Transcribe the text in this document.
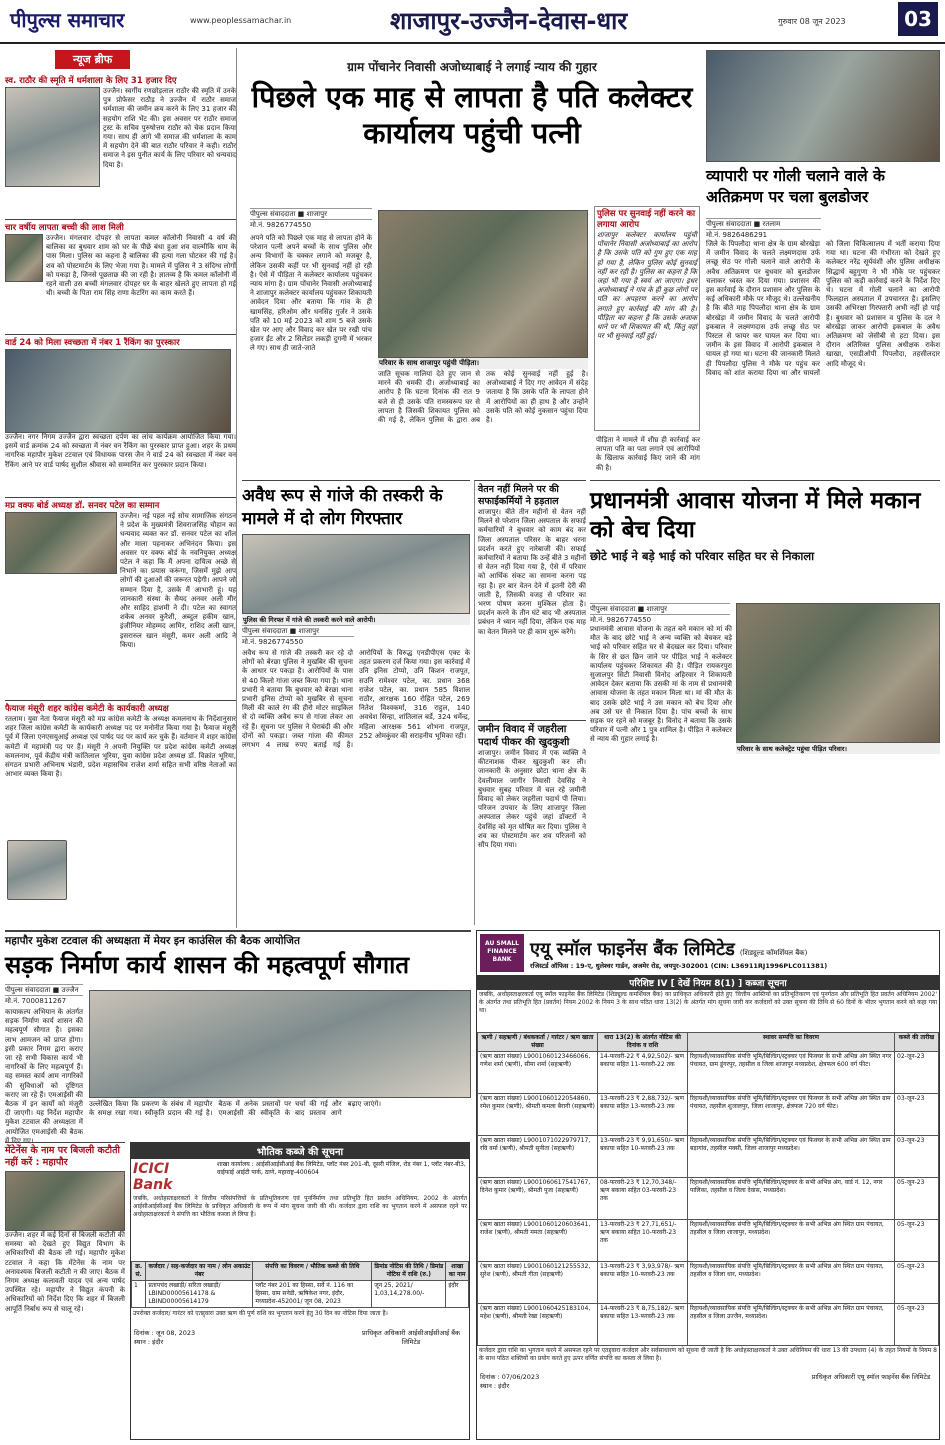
पीपुल्स समाचार	www.peoplessamachar.in	शाजापुर-उज्जैन-देवास-धार	गुरुवार 08 जून 2023	03
न्यूज ब्रीफ
स्व. राठौर की स्मृति में धर्मशाला के लिए 31 हजार दिए
उज्जैन। स्वर्गीय रणछोड़लाल राठौर की स्मृति में उनके पुत्र प्रोफेसर राठौड़ ने उज्जैन में राठौर समाज धर्मशाला की जमीन क्रय करने के लिए 31 हजार की सहयोग राशि भेंट की। इस अवसर पर राठौर समाज ट्रस्ट के सचिव पुरुषोत्तम राठौर को चेक प्रदान किया गया। साथ ही आगे भी समाज की धर्मशाला के काम में सहयोग देने की बात राठौर परिवार ने कही। राठौर समाज ने इस पुनीत कार्य के लिए परिवार को धन्यवाद दिया है।
चार वर्षीय लापता बच्ची की लाश मिली
उज्जैन। मंगलवार दोपहर से लापता कमल कॉलोनी निवासी 4 वर्ष की बालिका का बुधवार शाम को घर के पीछे बंधा हुआ शव वाल्मीकि धाम के पास मिला। पुलिस का कहना है बालिका की हत्या गला घोटकर की गई है। शव को पोस्टमार्टम के लिए भेजा गया है। मामले में पुलिस ने 3 संदिग्ध लोगों को पकड़ा है, जिनसे पूछताछ की जा रही है। ज्ञातव्य है कि कमल कॉलोनी में रहने वाली उस बच्ची मंगलवार दोपहर घर के बाहर खेलते हुए लापता हो गई थी। बच्ची के पिता राम सिंह राणा केटरिंग का काम करते हैं।
वार्ड 24 को मिला स्वच्छता में नंबर 1 रैंकिंग का पुरस्कार
उज्जैन। नगर निगम उज्जैन द्वारा स्वच्छता दर्पण का लांच कार्यक्रम आयोजित किया गया। इसमें वार्ड क्रमांक 24 को स्वच्छता में नंबर वन रैंकिंग का पुरस्कार प्राप्त हुआ। शहर के प्रथम नागरिक महापौर मुकेश टटवाल एवं विधायक पारस जैन ने वार्ड 24 को स्वच्छता में नंबर वन रैंकिंग आने पर वार्ड पार्षद सुशील श्रीवास को सम्मानित कर पुरस्कार प्रदान किया।
मप्र वक्फ बोर्ड अध्यक्ष डॉ. सनवर पटेल का सम्मान
उज्जैन। नई पहल नई सोच सामाजिक संगठन ने प्रदेश के मुख्यमंत्री शिवराजसिंह चौहान का धन्यवाद व्यक्त कर डॉ. सनवर पटेल का शॉल और माला पहनाकर अभिनंदन किया। इस अवसर पर वक्फ बोर्ड के नवनियुक्त अध्यक्ष पटेल ने कहा कि मैं अपना दायित्व अच्छे से निभाने का प्रयास करूंगा, जिसमें मुझे आप लोगों की दुआओं की जरूरत पड़ेगी। आपने जो सम्मान दिया है, उसके मैं आभारी हूं। यह जानकारी संस्था के सैयद अनवर अली मीर और साहिद हाशमी ने दी। पटेल का स्वागत शकेब अनवर कुरैशी, अब्दुल हकीम खान, इंजीनियर मोहम्मद आमिर, राशिद अली खान, इसरारुल खान मंसूरी, कमर अली आदि ने किया।
फैयाज मंसूरी शहर कांग्रेस कमेटी के कार्यकारी अध्यक्ष
रतलाम। युवा नेता फैयाज मंसूरी को मप्र कांग्रेस कमेटी के अध्यक्ष कमलनाथ के निर्देशानुसार शहर जिला कांग्रेस कमेटी के कार्यकारी अध्यक्ष पद पर मनोनीत किया गया है। फैयाज मंसूरी पूर्व में जिला एनएसयूआई अध्यक्ष एवं पार्षद पद पर कार्य कर चुके हैं। वर्तमान में शहर कांग्रेस कमेटी में महामंत्री पद पर हैं। मंसूरी ने अपनी नियुक्ति पर प्रदेश कांग्रेस कमेटी अध्यक्ष कमलनाथ, पूर्व केंद्रीय मंत्री कांतिलाल भूरिया, युवा कांग्रेस प्रदेश अध्यक्ष डॉ. विक्रांत भूरिया, संगठन प्रभारी अभिनाष भंडारी, प्रदेश महासचिव राजेश शर्मा सहित सभी वरिष्ठ नेताओं का आभार व्यक्त किया है।
ग्राम पोंचानेर निवासी अजोध्याबाई ने लगाई न्याय की गुहार
पिछले एक माह से लापता है पति कलेक्टर कार्यालय पहुंची पत्नी
पीपुल्स संवाददाता ■ शाजापुर
मो.नं. 9826774550
अपने पति को पिछले एक माह से लापता होने के परेशान पत्नी अपने बच्चों के साथ पुलिस और अन्य विभागों के चक्कर लगाने को मजबूर है, लेकिन उसकी कहीं पर भी सुनवाई नहीं हो रही है। ऐसे में पीड़िता ने कलेक्टर कार्यालय पहुंचकर न्याय मांगा है। ग्राम पोंचानेर निवासी अजोध्याबाई ने शाजापुर कलेक्टर कार्यालय पहुंचकर शिकायती आवेदन दिया और बताया कि गांव के ही खामसिंह, हरिओम और धनसिंह गुर्जर ने उसके पति को 10 मई 2023 को शाम 5 बजे उसके खेत पर आए और विवाद कर खेत पर रखी पांच हजार ईंट और 2 सिलेंडर लकड़ी दुगनी में भरकर ले गए। साथ ही जाते-जाते
परिवार के साथ शाजापुर पहुंची पीड़िता।
जाति सूचक गालियां देते हुए जान से मारने की धमकी दी। अजोध्याबाई का आरोप है कि घटना दिनांक की रात 9 बजे से ही उसके पति रामस्वरूप घर से लापता है जिसकी शिकायत पुलिस को की गई है, लेकिन पुलिस के द्वारा अब तक कोई सुनवाई नहीं हुई है। अजोध्याबाई ने दिए गए आवेदन में संदेह जताया है कि उसके पति के लापता होने में आरोपियों का ही हाथ है और उन्होंने उसके पति को कोई नुकसान पहुंचा दिया है।
पुलिस पर सुनवाई नहीं करने का लगाया आरोप
शाजापुर कलेक्टर कार्यालय पहुंची पोंचानेर निवासी अजोध्याबाई का आरोप है कि उसके पति को गुम हुए एक माह हो गया है, लेकिन पुलिस कोई सुनवाई नहीं कर रही है। पुलिस का कहना है कि जहां भी गया है स्वयं आ जाएगा। इधर अजोध्याबाई ने गांव के ही कुछ लोगों पर पति का अपहरण करने का आरोप लगाते हुए कार्रवाई की मांग की है। पीड़िता का कहना है कि उसके अजाक थाने पर भी शिकायत की थी, किंतु वहां पर भी सुनवाई नहीं हुई।
पीड़िता ने मामले में शीघ्र ही कार्रवाई कर लापता पति का पता लगाने एवं आरोपियों के खिलाफ कार्रवाई किए जाने की मांग की है।
व्यापारी पर गोली चलाने वाले के अतिक्रमण पर चला बुलडोजर
पीपुल्स संवाददाता ■ रतलाम
मो.नं. 9826486291
जिले के पिपलौदा थाना क्षेत्र के ग्राम बोरखेड़ा में जमीन विवाद के चलते लक्ष्मणदास उर्फ लच्छू सेठ पर गोली चलाने वाले आरोपी के अवैध अतिक्रमण पर बुधवार को बुलडोजर चलाकर ध्वस्त कर दिया गया। प्रशासन की इस कार्रवाई के दौरान प्रशासन और पुलिस के कई अधिकारी मौके पर मौजूद थे। उल्लेखनीय है कि बीते माह पिपलौदा थाना क्षेत्र के ग्राम बोरखेड़ा में जमीन विवाद के चलते आरोपी इकबाल ने लक्ष्मणदास उर्फ लच्छू सेठ पर पिस्टल से फायर कर घायल कर दिया था। जमीन के इस विवाद में आरोपी इकबाल ने घायल हो गया था। घटना की जानकारी मिलते ही पिपलौदा पुलिस ने मौके पर पहुंच कर विवाद को शांत कराया दिया था और घायलों को जिला चिकित्सालय में भर्ती कराया दिया गया था। घटना की गंभीरता को देखते हुए कलेक्टर नरेंद्र सूर्यवंशी और पुलिस अधीक्षक सिद्धार्थ बहुगुणा ने भी मौके पर पहुंचकर पुलिस को कड़ी कार्रवाई करने के निर्देश दिए थे। घटना में गोली चलाने का आरोपी फिलहाल अस्पताल में उपचाररत है। इसलिए उसकी अभिरक्षा गिरफ्तारी अभी नहीं हो पाई है। बुधवार को प्रशासन व पुलिस के दल ने बोरखेड़ा जाकर आरोपी इकबाल के अवैध अतिक्रमण को जेसीबी से हटा दिया। इस दौरान अतिरिक्त पुलिस अधीक्षक राकेश खाखा, एसडीओपी पिपलौदा, तहसीलदार आदि मौजूद थे।
अवैध रूप से गांजे की तस्करी के मामले में दो लोग गिरफ्तार
पुलिस की गिरफ्त में गांजे की तस्करी करने वाले आरोपी।
पीपुल्स संवाददाता ■ शाजापुर
मो.नं. 9826774550
अवैध रूप से गांजे की तस्करी कर रहे दो लोगों को बेरछा पुलिस ने मुखबिर की सूचना के आधार पर पकड़ा है। आरोपियों के पास से 40 किलो गांजा जब्त किया गया है। थाना प्रभारी ने बताया कि बुधवार को बेरछा थाना प्रभारी इनिस टोप्पो को मुखबिर से सूचना मिली की काले रंग की हीरो मोटर साइकिल से दो व्यक्ति अवैध रूप से गांजा लेकर आ रहे हैं। सूचना पर पुलिस ने घेराबंदी की और दोनों को पकड़ा। जब्त गांजा की कीमत लगभग 4 लाख रुपए बताई गई है। आरोपियों के विरुद्ध एनडीपीएस एक्ट के तहत प्रकरण दर्ज किया गया। इस कार्रवाई में उनि इनिस टोप्पो, उनि किशन राजपूत, सउनि रामेश्वर पटेल, का. प्रधान 368 राजेश पटेल, का. प्रधान 585 विशाल राठौर, आरक्षक 160 रोहित पटेल, 269 नितेश विश्वकर्मा, 316 राहुल, 140 अवधेश सिन्हा, शांतिलाल बर्डे, 324 धर्मेन्द्र, महिला आरक्षक 561 शोभना राजपूत, 252 ओमकुंवर की सराहनीय भूमिका रही।
वेतन नहीं मिलने पर की सफाईकर्मियों ने हड़ताल
शाजापुर। बीते तीन महीनों से वेतन नहीं मिलने से परेशान जिला अस्पताल के सफाई कर्मचारियों ने बुधवार को काम बंद कर जिला अस्पताल परिसर के बाहर धरना प्रदर्शन करते हुए नारेबाजी की। सफाई कर्मचारियों ने बताया कि उन्हें बीते 3 महीनों से वेतन नहीं दिया गया है, ऐसे में परिवार को आर्थिक संकट का सामना करना पड़ रहा है। हर बार वेतन देने में इतनी देरी की जाती है, जिसकी वजह से परिवार का भरण पोषण करना मुश्किल होता है। प्रदर्शन करने के तीन घंटे बाद भी अस्पताल प्रबंधन ने ध्यान नहीं दिया, लेकिन एक माह का वेतन मिलने पर ही काम शुरू करेंगे।
जमीन विवाद में जहरीला पदार्थ पीकर की खुदकुशी
शाजापुर। जमीन विवाद में एक व्यक्ति ने कीटनाशक पीकर खुदकुशी कर ली। जानकारी के अनुसार छोटा थाना क्षेत्र के देवलीमाल जागीर निवासी देवसिंह ने बुधवार सुबह परिवार में चल रहे जमीनी विवाद को लेकर जहरीला पदार्थ पी लिया। परिजन उपचार के लिए शाजापुर जिला अस्पताल लेकर पहुंचे जहां डॉक्टरों ने देवसिंह को मृत घोषित कर दिया। पुलिस ने शव का पोस्टमार्टम कर शव परिजनों को सौंप दिया गया।
प्रधानमंत्री आवास योजना में मिले मकान को बेच दिया
छोटे भाई ने बड़े भाई को परिवार सहित घर से निकाला
पीपुल्स संवाददाता ■ शाजापुर
मो.नं. 9826774550
परिवार के साथ कलेक्ट्रेट पहुंचा पीड़ित परिवार।
प्रधानमंत्री आवास योजना के तहत बने मकान को मां की मौत के बाद छोटे भाई ने अन्य व्यक्ति को बेचकर बड़े भाई को परिवार सहित घर से बेदखल कर दिया। परिवार के सिर से छत छिन जाने पर पीड़ित भाई ने कलेक्टर कार्यालय पहुंचकर शिकायत की है। पीड़ित रायकरपुरा सुजालपुर सिटी निवासी विनोद अहिरवार ने शिकायती आवेदन देकर बताया कि उसकी मां के नाम से प्रधानमंत्री आवास योजना के तहत मकान मिला था। मां की मौत के बाद उसके छोटे भाई ने उस मकान को बेच दिया और अब उसे घर से निकाल दिया है। पांच बच्चों के साथ सड़क पर रहने को मजबूर है। विनोद ने बताया कि उसके परिवार में पत्नी और 1 पुत्र शामिल है। पीड़ित ने कलेक्टर से न्याय की गुहार लगाई है।
महापौर मुकेश टटवाल की अध्यक्षता में मेयर इन काउंसिल की बैठक आयोजित
सड़क निर्माण कार्य शासन की महत्वपूर्ण सौगात
पीपुल्स संवाददाता ■ उज्जैन
मो.नं. 7000811267
कायाकल्प अभियान के अंतर्गत सड़क निर्माण कार्य शासन की महत्वपूर्ण सौगात है। इसका लाभ आमजन को प्राप्त होगा। इसी प्रकार निगम द्वारा कराए जा रहे सभी विकास कार्य भी नागरिकों के लिए महत्वपूर्ण हैं। वह समस्त कार्य आम नागरिकों की सुविधाओं को दृष्टिगत कराए जा रहे हैं। एमआईसी की बैठक में इन कार्यों को मंजूरी दी जाएगी। यह निर्देश महापौर मुकेश टटवाल की अध्यक्षता में आयोजित एमआईसी की बैठक में दिए गए।
उल्लेखित किया कि प्रकरण के संबंध में महापौर के समक्ष रखा गया। स्वीकृति प्रदान की गई है। बैठक में अनेक प्रस्तावों पर चर्चा की गई और एमआईसी की स्वीकृति के बाद प्रस्ताव आगे बढ़ाए जाएंगे।
मेंटेनेंस के नाम पर बिजली कटौती नहीं करें : महापौर
उज्जैन। शहर में कई दिनों से बिजली कटौती की समस्या को देखते हुए विद्युत विभाग के अधिकारियों की बैठक ली गई। महापौर मुकेश टटवाल ने कहा कि मेंटेनेंस के नाम पर अनावश्यक बिजली कटौती न की जाए। बैठक में निगम अध्यक्ष कलावती यादव एवं अन्य पार्षद उपस्थित रहे। महापौर ने विद्युत कंपनी के अधिकारियों को निर्देश दिए कि शहर में बिजली आपूर्ति निर्बाध रूप से चालू रहे।
भौतिक कब्जे की सूचना
ICICI Bank
शाखा कार्यालय : आईसीआईसीआई बैंक लिमिटेड, प्लॉट नंबर 201-बी, दूसरी मंजिल, रोड नंबर 1, प्लॉट नंबर-बी3, वाईफाई आईटी पार्क, ठाणे, महाराष्ट्र-400604
जबकि, अधोहस्ताक्षरकर्ता ने वित्तीय परिसंपत्तियों के प्रतिभूतिकरण एवं पुनर्निर्माण तथा प्रतिभूति हित प्रवर्तन अधिनियम, 2002 के अंतर्गत आईसीआईसीआई बैंक लिमिटेड के प्राधिकृत अधिकारी के रूप में मांग सूचना जारी की थी। कर्जदार द्वारा राशि का भुगतान करने में असफल रहने पर अधोहस्ताक्षरकर्ता ने संपत्ति का भौतिक कब्जा ले लिया है।
क्र. सं.	कर्जदार / सह-कर्जदार का नाम / लोन अकाउंट नंबर	संपत्ति का विवरण / भौतिक कब्जे की तिथि	डिमांड नोटिस की तिथि / डिमांड नोटिस में राशि (रु.)	शाखा का नाम
1	प्रतापचंद लखाड़ी/ सरिता लखाड़ी/ LBIND00005614178 & LBIND00005614179	प्लॉट नंबर 201 का हिस्सा, सर्वे नं. 116 का हिस्सा, ग्राम सनेडी, ऋषिकेश नगर, इंदौर, मध्यप्रदेश-452001/ जून 08, 2023	जून 25, 2021/ 1,03,14,278.00/-	इंदौर
उपरोक्त कर्जदार/ गारंटर को एतद्द्वारा उक्त ऋण की पूर्ण राशि का भुगतान करने हेतु 30 दिन का नोटिस दिया जाता है।
दिनांक : जून 08, 2023
स्थान : इंदौर
प्राधिकृत अधिकारी आईसीआईसीआई बैंक लिमिटेड
AU SMALL FINANCE BANK	एयू स्मॉल फाइनेंस बैंक लिमिटेड (शिड्यूल्ड कॉमर्शियल बैंक)
रजिस्टर्ड ऑफिस : 19-ए, धुलेश्वर गार्डन, अजमेर रोड, जयपुर-302001 (CIN: L36911RJ1996PLC011381)
परिशिष्ट IV [ देखें नियम 8(1) ] कब्जा सूचना
जबकि, अधोहस्ताक्षरकर्ता एयू स्मॉल फाइनेंस बैंक लिमिटेड (शिड्यूल्ड कमर्शियल बैंक) का प्राधिकृत अधिकारी होते हुए 'वित्तीय आस्तियों का प्रतिभूतिकरण एवं पुनर्गठन और प्रतिभूति हित प्रवर्तन अधिनियम 2002' के अंतर्गत तथा प्रतिभूति हित (प्रवर्तन) नियम 2002 के नियम 3 के साथ पठित धारा 13(2) के अंतर्गत मांग सूचना जारी कर कर्जदारों को उक्त सूचना की तिथि से 60 दिनों के भीतर भुगतान करने को कहा गया था।
ऋणी / सहऋणी / बंधककर्ता / गारंटर / ऋण खाता संख्या	धारा 13(2) के अंतर्गत नोटिस की दिनांक व राशि	स्थावर सम्पत्ति का विवरण	कब्जे की तारीख
(ऋण खाता संख्या) L9001060123466066, गणेश शर्मा (ऋणी), सीमा शर्मा (सहऋणी)	14-फरवरी-22 ₹ 4,92,502/- ऋण बकाया सहित 11-फरवरी-22 तक	रिहायशी/व्यावसायिक संपत्ति भूमि/बिल्डिंग/स्ट्रक्चर एवं फिक्चर के सभी अभिन्न अंग स्थित नगर पंचायत, ग्राम डूंगरपुर, तहसील व जिला शाजापुर मध्यप्रदेश, क्षेत्रफल 600 वर्ग फीट।	02-जून-23
(ऋण खाता संख्या) L9001060122054860, रमेश कुमार (ऋणी), श्रीमती कमला बैरागी (सहऋणी)	13-फरवरी-23 ₹ 2,88,732/- ऋण बकाया सहित 13-फरवरी-23 तक	रिहायशी/व्यावसायिक संपत्ति भूमि/बिल्डिंग/स्ट्रक्चर एवं फिक्चर के सभी अभिन्न अंग स्थित ग्राम पंचायत, तहसील शुजालपुर, जिला शाजापुर, क्षेत्रफल 720 वर्ग फीट।	03-जून-23
(ऋण खाता संख्या) L9001071022979717, रवि वर्मा (ऋणी), श्रीमती सुनीता (सहऋणी)	13-फरवरी-23 ₹ 9,91,650/- ऋण बकाया सहित 10-फरवरी-23 तक	रिहायशी/व्यावसायिक संपत्ति भूमि/बिल्डिंग/स्ट्रक्चर एवं फिक्चर के सभी अभिन्न अंग स्थित ग्राम बड़ागांव, तहसील मक्सी, जिला शाजापुर मध्यप्रदेश।	03-जून-23
(ऋण खाता संख्या) L9001060617541767, दिनेश कुमार (ऋणी), श्रीमती पूजा (सहऋणी)	08-फरवरी-23 ₹ 12,70,348/- ऋण बकाया सहित 03-फरवरी-23 तक	रिहायशी/व्यावसायिक संपत्ति भूमि/बिल्डिंग/स्ट्रक्चर के सभी अभिन्न अंग, वार्ड नं. 12, नगर पालिका, तहसील व जिला देवास, मध्यप्रदेश।	05-जून-23
(ऋण खाता संख्या) L9001060120603641, राजेश (ऋणी), श्रीमती ममता (सहऋणी)	13-फरवरी-23 ₹ 27,71,651/- ऋण बकाया सहित 10-फरवरी-23 तक	रिहायशी/व्यावसायिक संपत्ति भूमि/बिल्डिंग/स्ट्रक्चर के सभी अभिन्न अंग स्थित ग्राम पंचायत, तहसील व जिला शाजापुर, मध्यप्रदेश।	05-जून-23
(ऋण खाता संख्या) L9001060121255532, सुरेश (ऋणी), श्रीमती गीता (सहऋणी)	13-फरवरी-23 ₹ 3,93,978/- ऋण बकाया सहित 10-फरवरी-23 तक	रिहायशी/व्यावसायिक संपत्ति भूमि/बिल्डिंग/स्ट्रक्चर के सभी अभिन्न अंग स्थित ग्राम पंचायत, तहसील व जिला धार, मध्यप्रदेश।	05-जून-23
(ऋण खाता संख्या) L9001060425183104, महेश (ऋणी), श्रीमती रेखा (सहऋणी)	14-फरवरी-23 ₹ 8,75,182/- ऋण बकाया सहित 13-फरवरी-23 तक	रिहायशी/व्यावसायिक संपत्ति भूमि/बिल्डिंग/स्ट्रक्चर के सभी अभिन्न अंग स्थित ग्राम पंचायत, तहसील व जिला उज्जैन, मध्यप्रदेश।	05-जून-23
कर्जदार द्वारा राशि का भुगतान करने में असफल रहने पर एतद्द्वारा कर्जदार और सर्वसाधारण को सूचना दी जाती है कि अधोहस्ताक्षरकर्ता ने उक्त अधिनियम की धारा 13 की उपधारा (4) के तहत नियमों के नियम 8 के साथ पठित शक्तियों का प्रयोग करते हुए ऊपर वर्णित संपत्ति का कब्जा ले लिया है।
दिनांक : 07/06/2023
स्थान : इंदौर
प्राधिकृत अधिकारी एयू स्मॉल फाइनेंस बैंक लिमिटेड
